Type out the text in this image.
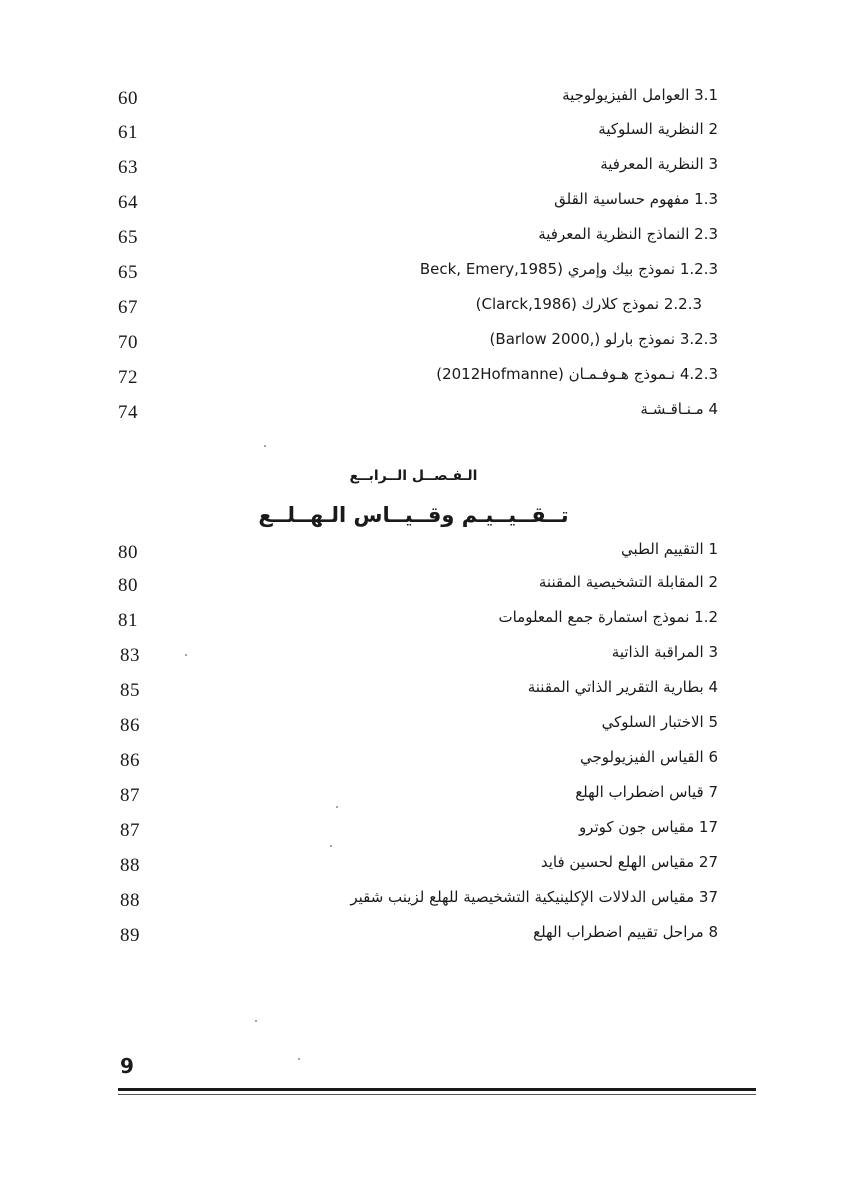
60	3.1 العوامل الفيزيولوجية
61	2 النظرية السلوكية
63	3 النظرية المعرفية
64	1.3 مفهوم حساسية القلق
65	2.3 النماذج النظرية المعرفية
65	1.2.3 نموذج بيك وإمري (Beck, Emery,1985
67	2.2.3 نموذج كلارك (Clarck,1986)
70	3.2.3 نموذج بارلو (,Barlow 2000)
72	4.2.3 نـموذج هـوفـمـان (2012Hofmanne)
74	4 مـنـاقـشـة
الـفـصــل الــرابــع
تــقــيــيـم وقــيــاس الـهــلــع
80	1 التقييم الطبي
80	2 المقابلة التشخيصية المقننة
81	1.2 نموذج استمارة جمع المعلومات
83	3 المراقبة الذاتية
85	4 بطارية التقرير الذاتي المقننة
86	5 الاختبار السلوكي
86	6 القياس الفيزيولوجي
87	7 قياس اضطراب الهلع
87	17 مقياس جون كوترو
88	27 مقياس الهلع لحسين فايد
88	37 مقياس الدلالات الإكلينيكية التشخيصية للهلع لزينب شقير
89	8 مراحل تقييم اضطراب الهلع
9
